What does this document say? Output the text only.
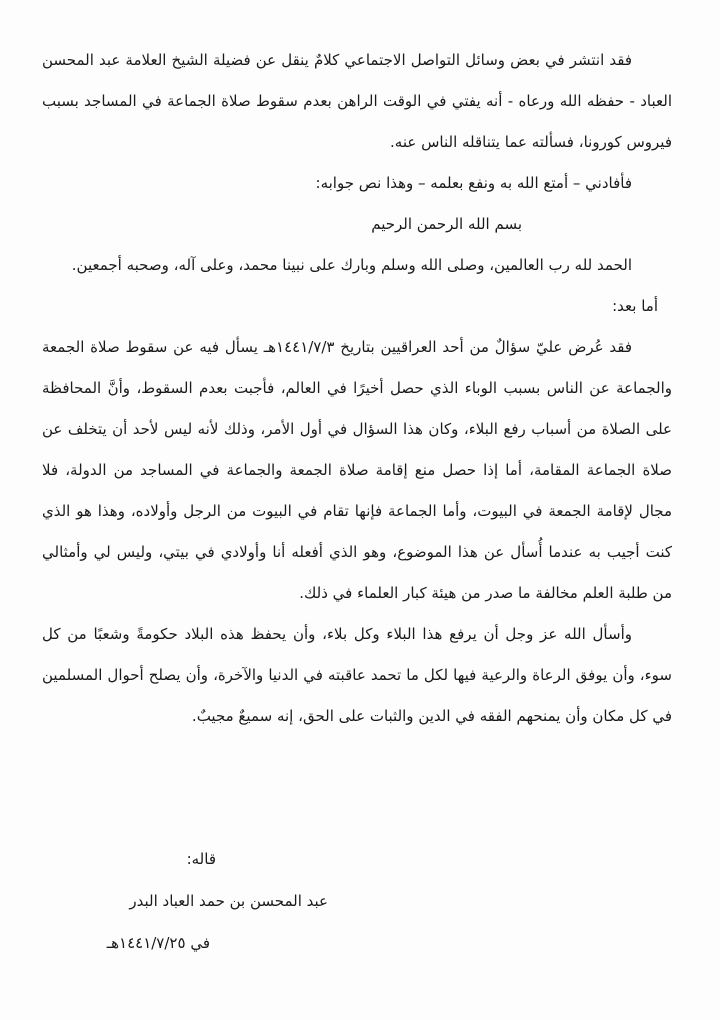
فقد انتشر في بعض وسائل التواصل الاجتماعي كلامٌ ينقل عن فضيلة الشيخ العلامة عبد المحسن العباد - حفظه الله ورعاه - أنه يفتي في الوقت الراهن بعدم سقوط صلاة الجماعة في المساجد بسبب فيروس كورونا، فسألته عما يتناقله الناس عنه.

فأفادني – أمتع الله به ونفع بعلمه – وهذا نص جوابه:

بسم الله الرحمن الرحيم

الحمد لله رب العالمين، وصلى الله وسلم وبارك على نبينا محمد، وعلى آله، وصحبه أجمعين.

أما بعد:

فقد عُرض عليّ سؤالٌ من أحد العراقيين بتاريخ ١٤٤١/٧/٣هـ يسأل فيه عن سقوط صلاة الجمعة والجماعة عن الناس بسبب الوباء الذي حصل أخيرًا في العالم، فأجبت بعدم السقوط، وأنَّ المحافظة على الصلاة من أسباب رفع البلاء، وكان هذا السؤال في أول الأمر، وذلك لأنه ليس لأحد أن يتخلف عن صلاة الجماعة المقامة، أما إذا حصل منع إقامة صلاة الجمعة والجماعة في المساجد من الدولة، فلا مجال لإقامة الجمعة في البيوت، وأما الجماعة فإنها تقام في البيوت من الرجل وأولاده، وهذا هو الذي كنت أجيب به عندما أُسأل عن هذا الموضوع، وهو الذي أفعله أنا وأولادي في بيتي، وليس لي وأمثالي من طلبة العلم مخالفة ما صدر من هيئة كبار العلماء في ذلك.

وأسأل الله عز وجل أن يرفع هذا البلاء وكل بلاء، وأن يحفظ هذه البلاد حكومةً وشعبًا من كل سوء، وأن يوفق الرعاة والرعية فيها لكل ما تحمد عاقبته في الدنيا والآخرة، وأن يصلح أحوال المسلمين في كل مكان وأن يمنحهم الفقه في الدين والثبات على الحق، إنه سميعٌ مجيبٌ.

قاله:
عبد المحسن بن حمد العباد البدر
في ١٤٤١/٧/٢٥هـ
